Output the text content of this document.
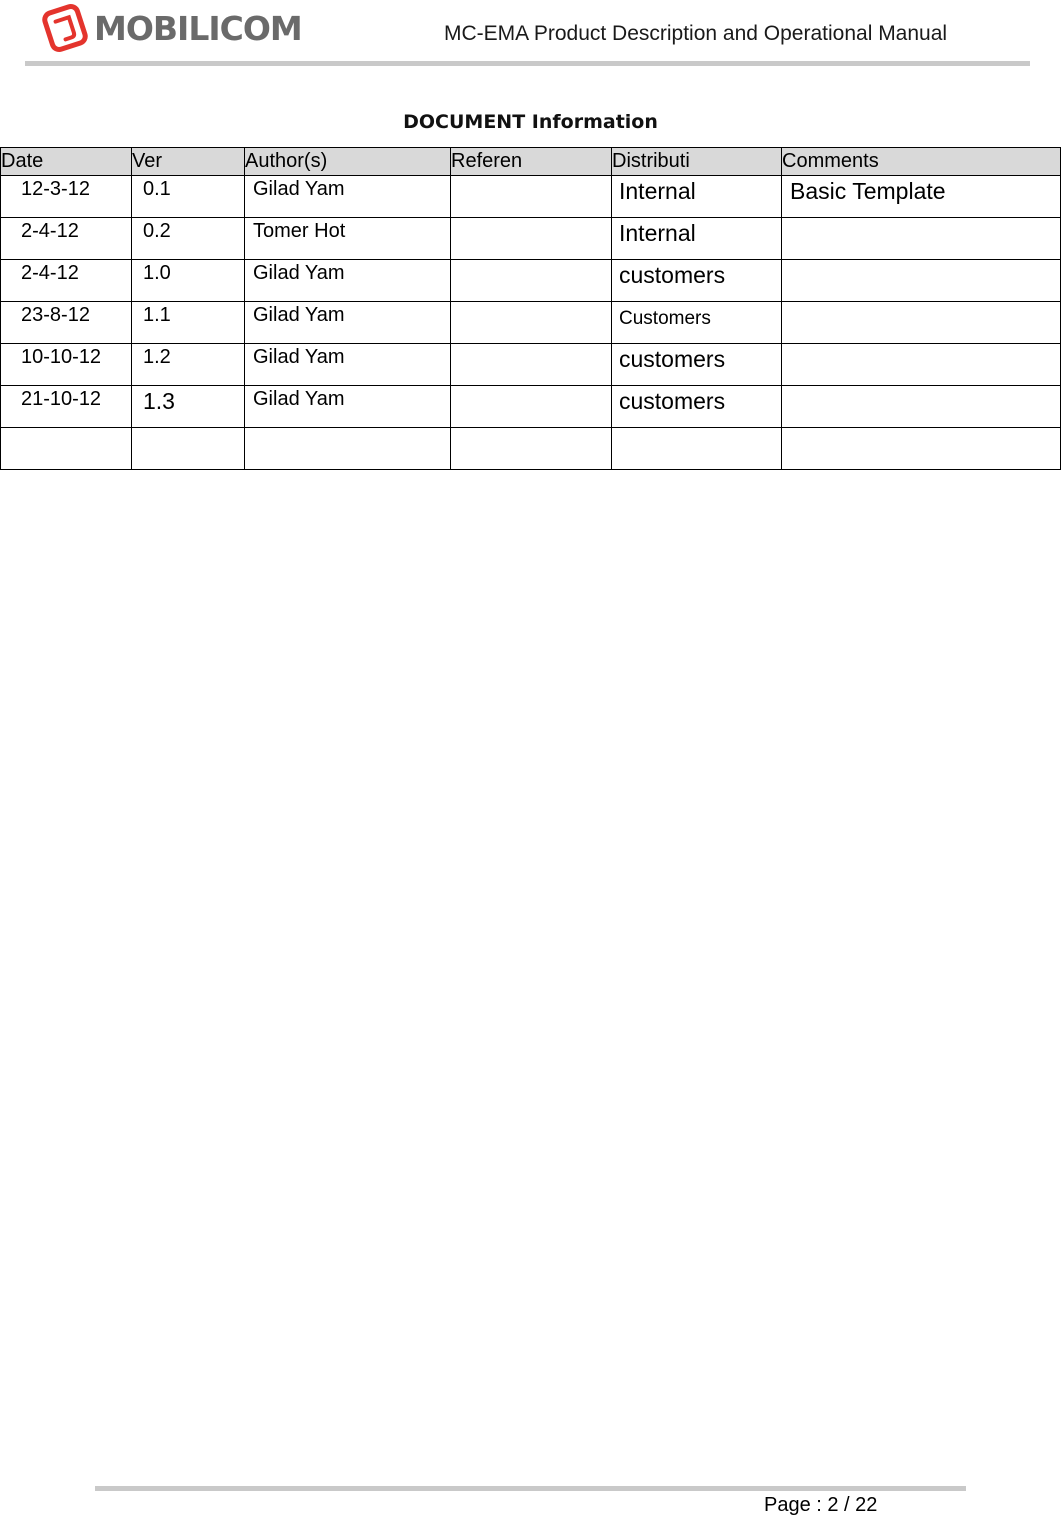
MOBILICOM	MC-EMA Product Description and Operational Manual
DOCUMENT Information
Date	Ver	Author(s)	Referen	Distributi	Comments

12-3-12	0.1	Gilad Yam		Internal	Basic Template

2-4-12	0.2	Tomer Hot		Internal	

2-4-12	1.0	Gilad Yam		customers	

23-8-12	1.1	Gilad Yam		Customers	

10-10-12	1.2	Gilad Yam		customers	

21-10-12	1.3	Gilad Yam		customers	

Page : 2 / 22
